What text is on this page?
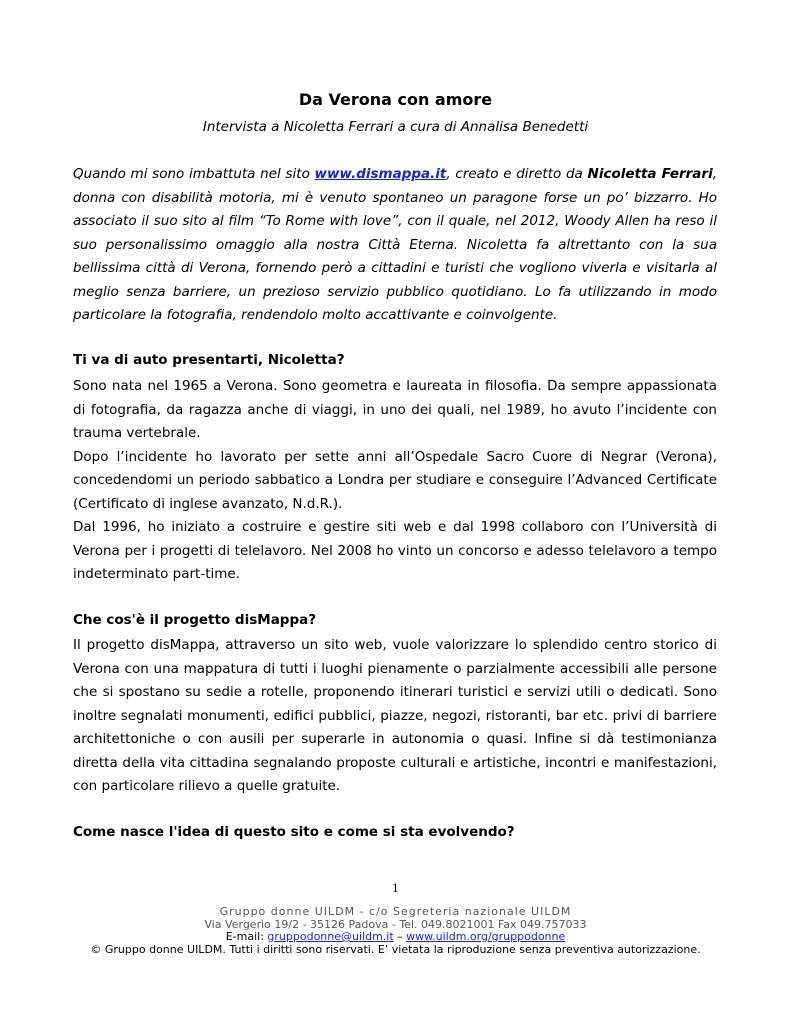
Da Verona con amore
Intervista a Nicoletta Ferrari a cura di Annalisa Benedetti

Quando mi sono imbattuta nel sito www.dismappa.it, creato e diretto da Nicoletta Ferrari, donna con disabilità motoria, mi è venuto spontaneo un paragone forse un po’ bizzarro. Ho associato il suo sito al film “To Rome with love”, con il quale, nel 2012, Woody Allen ha reso il suo personalissimo omaggio alla nostra Città Eterna. Nicoletta fa altrettanto con la sua bellissima città di Verona, fornendo però a cittadini e turisti che vogliono viverla e visitarla al meglio senza barriere, un prezioso servizio pubblico quotidiano. Lo fa utilizzando in modo particolare la fotografia, rendendolo molto accattivante e coinvolgente.

Ti va di auto presentarti, Nicoletta?

Sono nata nel 1965 a Verona. Sono geometra e laureata in filosofia. Da sempre appassionata di fotografia, da ragazza anche di viaggi, in uno dei quali, nel 1989, ho avuto l’incidente con trauma vertebrale.

Dopo l’incidente ho lavorato per sette anni all’Ospedale Sacro Cuore di Negrar (Verona), concedendomi un periodo sabbatico a Londra per studiare e conseguire l’Advanced Certificate (Certificato di inglese avanzato, N.d.R.).

Dal 1996, ho iniziato a costruire e gestire siti web e dal 1998 collaboro con l’Università di Verona per i progetti di telelavoro. Nel 2008 ho vinto un concorso e adesso telelavoro a tempo indeterminato part-time.

Che cos'è il progetto disMappa?

Il progetto disMappa, attraverso un sito web, vuole valorizzare lo splendido centro storico di Verona con una mappatura di tutti i luoghi pienamente o parzialmente accessibili alle persone che si spostano su sedie a rotelle, proponendo itinerari turistici e servizi utili o dedicati. Sono inoltre segnalati monumenti, edifici pubblici, piazze, negozi, ristoranti, bar etc. privi di barriere architettoniche o con ausili per superarle in autonomia o quasi. Infine si dà testimonianza diretta della vita cittadina segnalando proposte culturali e artistiche, incontri e manifestazioni, con particolare rilievo a quelle gratuite.

Come nasce l'idea di questo sito e come si sta evolvendo?
1
Gruppo donne UILDM - c/o Segreteria nazionale UILDM
Via Vergerio 19/2 - 35126 Padova - Tel. 049.8021001 Fax 049.757033
E-mail: gruppodonne@uildm.it – www.uildm.org/gruppodonne
© Gruppo donne UILDM. Tutti i diritti sono riservati. E’ vietata la riproduzione senza preventiva autorizzazione.
